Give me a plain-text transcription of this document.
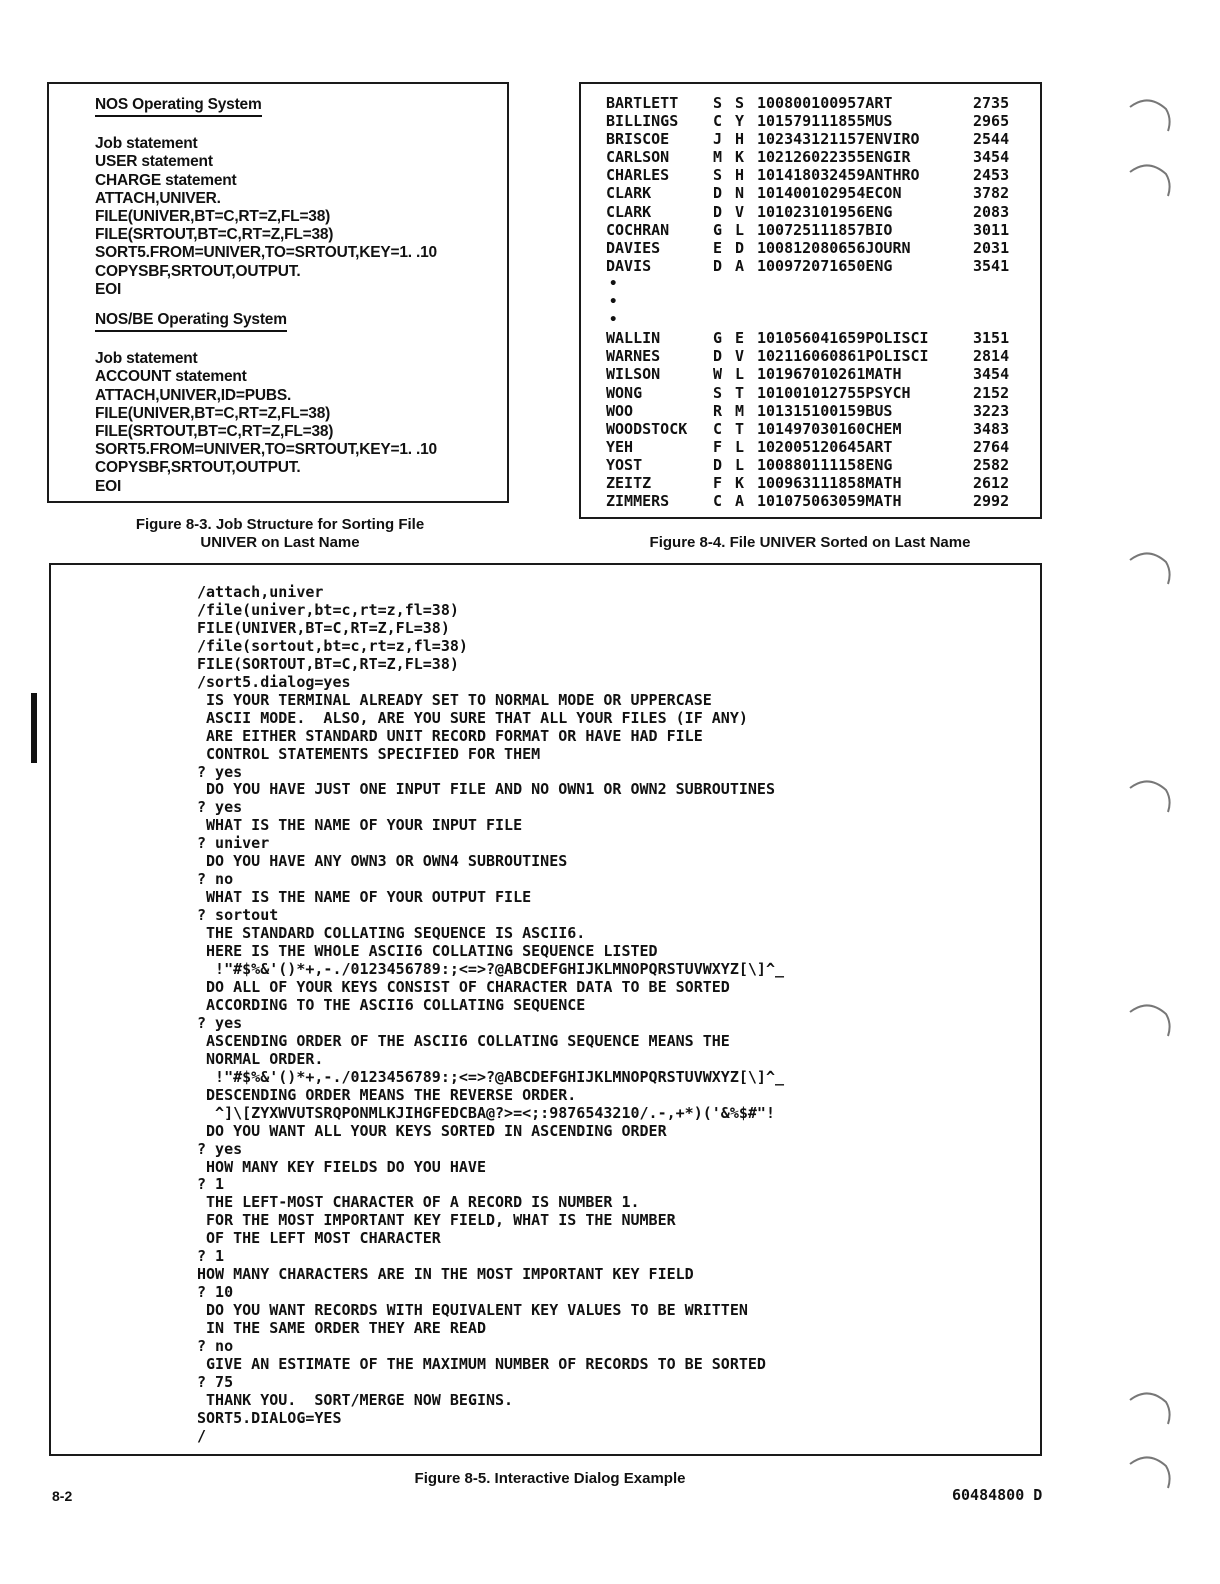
NOS Operating System
Job statement
USER statement
CHARGE statement
ATTACH,UNIVER.
FILE(UNIVER,BT=C,RT=Z,FL=38)
FILE(SRTOUT,BT=C,RT=Z,FL=38)
SORT5.FROM=UNIVER,TO=SRTOUT,KEY=1. .10
COPYSBF,SRTOUT,OUTPUT.
EOI
NOS/BE Operating System
Job statement
ACCOUNT statement
ATTACH,UNIVER,ID=PUBS.
FILE(UNIVER,BT=C,RT=Z,FL=38)
FILE(SRTOUT,BT=C,RT=Z,FL=38)
SORT5.FROM=UNIVER,TO=SRTOUT,KEY=1. .10
COPYSBF,SRTOUT,OUTPUT.
EOI
Figure 8-3. Job Structure for Sorting File
UNIVER on Last Name
BARTLETT	S S 100800100957ART	2735
BILLINGS	C Y 101579111855MUS	2965
BRISCOE	J H 102343121157ENVIRO	2544
CARLSON	M K 102126022355ENGIR	3454
CHARLES	S H 101418032459ANTHRO	2453
CLARK	D N 101400102954ECON	3782
CLARK	D V 101023101956ENG	2083
COCHRAN	G L 100725111857BIO	3011
DAVIES	E D 100812080656JOURN	2031
DAVIS	D A 100972071650ENG	3541
•
•
•
WALLIN	G E 101056041659POLISCI	3151
WARNES	D V 102116060861POLISCI	2814
WILSON	W L 101967010261MATH	3454
WONG	S T 101001012755PSYCH	2152
WOO	R M 101315100159BUS	3223
WOODSTOCK	C T 101497030160CHEM	3483
YEH	F L 102005120645ART	2764
YOST	D L 100880111158ENG	2582
ZEITZ	F K 100963111858MATH	2612
ZIMMERS	C A 101075063059MATH	2992
Figure 8-4. File UNIVER Sorted on Last Name
/attach,univer
/file(univer,bt=c,rt=z,fl=38)
FILE(UNIVER,BT=C,RT=Z,FL=38)
/file(sortout,bt=c,rt=z,fl=38)
FILE(SORTOUT,BT=C,RT=Z,FL=38)
/sort5.dialog=yes
IS YOUR TERMINAL ALREADY SET TO NORMAL MODE OR UPPERCASE
ASCII MODE.  ALSO, ARE YOU SURE THAT ALL YOUR FILES (IF ANY)
ARE EITHER STANDARD UNIT RECORD FORMAT OR HAVE HAD FILE
CONTROL STATEMENTS SPECIFIED FOR THEM
? yes
DO YOU HAVE JUST ONE INPUT FILE AND NO OWN1 OR OWN2 SUBROUTINES
? yes
WHAT IS THE NAME OF YOUR INPUT FILE
? univer
DO YOU HAVE ANY OWN3 OR OWN4 SUBROUTINES
? no
WHAT IS THE NAME OF YOUR OUTPUT FILE
? sortout
THE STANDARD COLLATING SEQUENCE IS ASCII6.
HERE IS THE WHOLE ASCII6 COLLATING SEQUENCE LISTED
!"#$%&'()*+,-./0123456789:;<=>?@ABCDEFGHIJKLMNOPQRSTUVWXYZ[\]^_
DO ALL OF YOUR KEYS CONSIST OF CHARACTER DATA TO BE SORTED
ACCORDING TO THE ASCII6 COLLATING SEQUENCE
? yes
ASCENDING ORDER OF THE ASCII6 COLLATING SEQUENCE MEANS THE
NORMAL ORDER.
!"#$%&'()*+,-./0123456789:;<=>?@ABCDEFGHIJKLMNOPQRSTUVWXYZ[\]^_
DESCENDING ORDER MEANS THE REVERSE ORDER.
^]\[ZYXWVUTSRQPONMLKJIHGFEDCBA@?>=<;:9876543210/.-,+*)('&%$#"!
DO YOU WANT ALL YOUR KEYS SORTED IN ASCENDING ORDER
? yes
HOW MANY KEY FIELDS DO YOU HAVE
? 1
THE LEFT-MOST CHARACTER OF A RECORD IS NUMBER 1.
FOR THE MOST IMPORTANT KEY FIELD, WHAT IS THE NUMBER
OF THE LEFT MOST CHARACTER
? 1
HOW MANY CHARACTERS ARE IN THE MOST IMPORTANT KEY FIELD
? 10
DO YOU WANT RECORDS WITH EQUIVALENT KEY VALUES TO BE WRITTEN
IN THE SAME ORDER THEY ARE READ
? no
GIVE AN ESTIMATE OF THE MAXIMUM NUMBER OF RECORDS TO BE SORTED
? 75
THANK YOU.  SORT/MERGE NOW BEGINS.
SORT5.DIALOG=YES
/
Figure 8-5. Interactive Dialog Example
8-2	60484800 D
